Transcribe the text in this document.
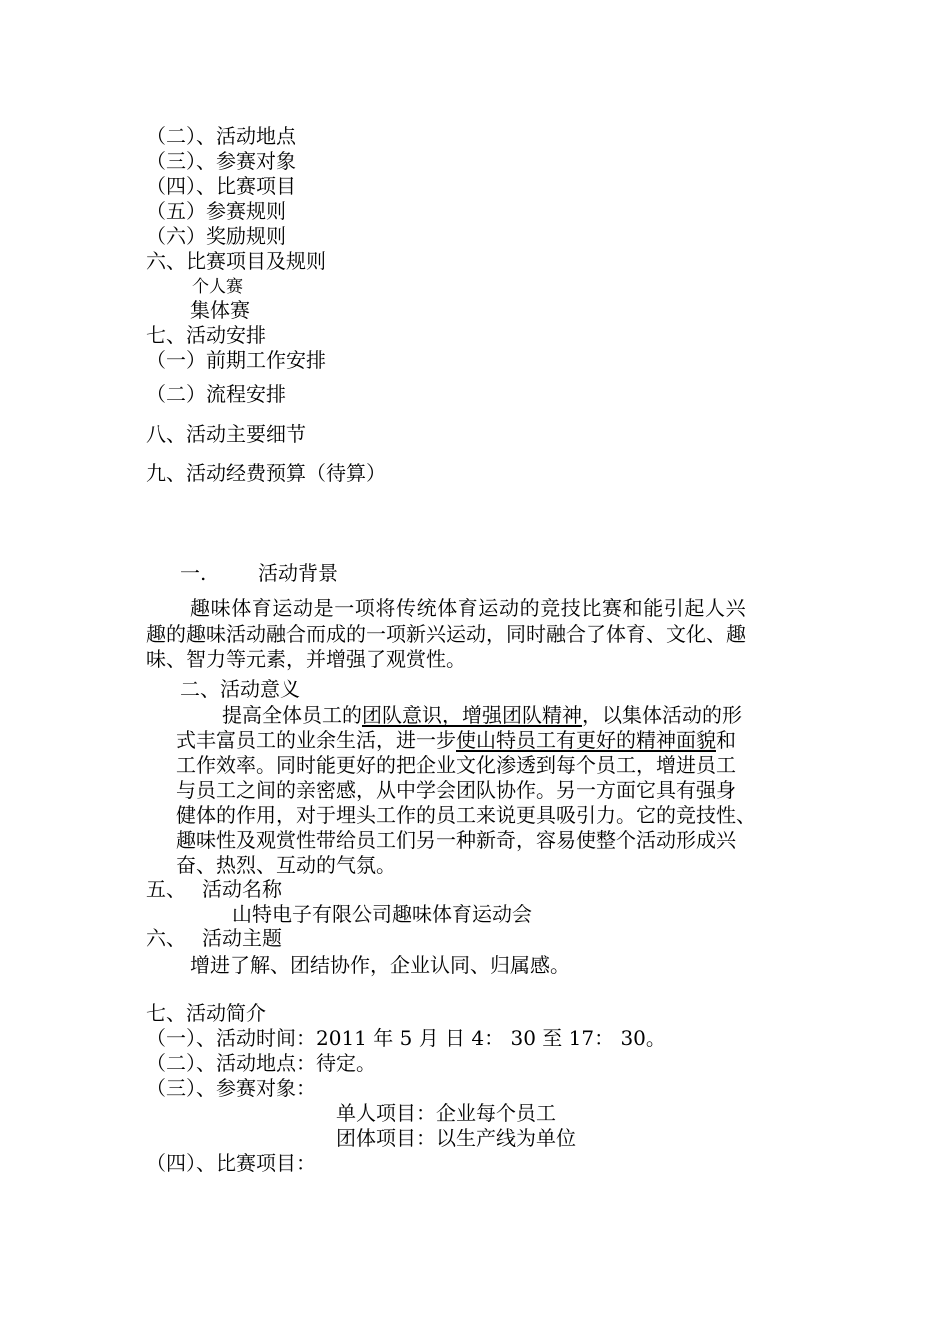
（二）、活动地点
（三）、参赛对象
（四）、比赛项目
（五）参赛规则
（六）奖励规则
六、比赛项目及规则
个人赛
集体赛
七、活动安排
（一）前期工作安排
（二）流程安排
八、活动主要细节
九、活动经费预算（待算）
一.	活动背景
趣味体育运动是一项将传统体育运动的竞技比赛和能引起人兴
趣的趣味活动融合而成的一项新兴运动，同时融合了体育、文化、趣
味、智力等元素，并增强了观赏性。
二、活动意义
提高全体员工的团队意识，增强团队精神，以集体活动的形
式丰富员工的业余生活，进一步使山特员工有更好的精神面貌和
工作效率。同时能更好的把企业文化渗透到每个员工，增进员工
与员工之间的亲密感，从中学会团队协作。另一方面它具有强身
健体的作用，对于埋头工作的员工来说更具吸引力。它的竞技性、
趣味性及观赏性带给员工们另一种新奇，容易使整个活动形成兴
奋、热烈、互动的气氛。
五、 活动名称
山特电子有限公司趣味体育运动会
六、 活动主题
增进了解、团结协作，企业认同、归属感。
七、活动简介
（一）、活动时间：2011 年 5 月 日 4： 30 至 17： 30。
（二）、活动地点：待定。
（三）、参赛对象：
单人项目：企业每个员工
团体项目：以生产线为单位
（四）、比赛项目：
